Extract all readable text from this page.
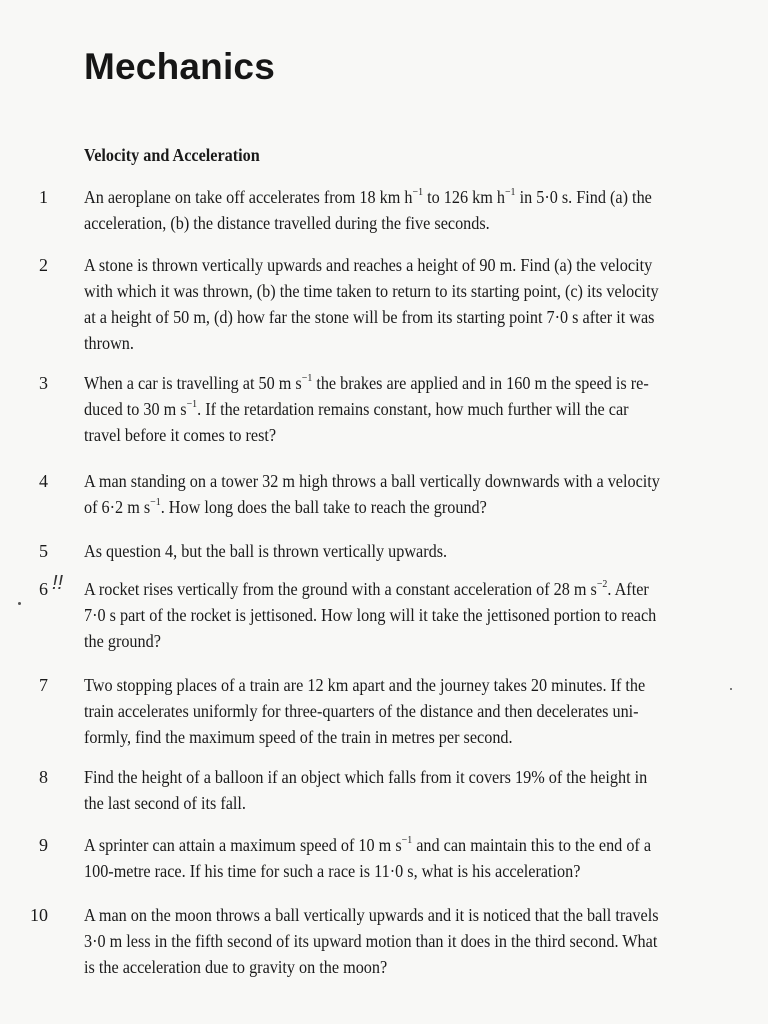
Mechanics
Velocity and Acceleration
1 An aeroplane on take off accelerates from 18 km $h^{-1}$ to 126 km $h^{-1}$ in 5·0 s. Find (a) the
acceleration, (b) the distance travelled during the five seconds.
2 A stone is thrown vertically upwards and reaches a height of 90 m. Find (a) the velocity
with which it was thrown, (b) the time taken to return to its starting point, (c) its velocity
at a height of 50 m, (d) how far the stone will be from its starting point 7·0 s after it was
thrown.
3 When a car is travelling at 50 m $s^{-1}$ the brakes are applied and in 160 m the speed is re-
duced to 30 m $s^{-1}$. If the retardation remains constant, how much further will the car
travel before it comes to rest?
4 A man standing on a tower 32 m high throws a ball vertically downwards with a velocity
of 6·2 m $s^{-1}$. How long does the ball take to reach the ground?
5 As question 4, but the ball is thrown vertically upwards.
6 A rocket rises vertically from the ground with a constant acceleration of 28 m $s^{-2}$. After
7·0 s part of the rocket is jettisoned. How long will it take the jettisoned portion to reach
the ground?
7 Two stopping places of a train are 12 km apart and the journey takes 20 minutes. If the
train accelerates uniformly for three-quarters of the distance and then decelerates uni-
formly, find the maximum speed of the train in metres per second.
8 Find the height of a balloon if an object which falls from it covers 19% of the height in
the last second of its fall.
9 A sprinter can attain a maximum speed of 10 m $s^{-1}$ and can maintain this to the end of a
100-metre race. If his time for such a race is 11·0 s, what is his acceleration?
10 A man on the moon throws a ball vertically upwards and it is noticed that the ball travels
3·0 m less in the fifth second of its upward motion than it does in the third second. What
is the acceleration due to gravity on the moon?
!!
